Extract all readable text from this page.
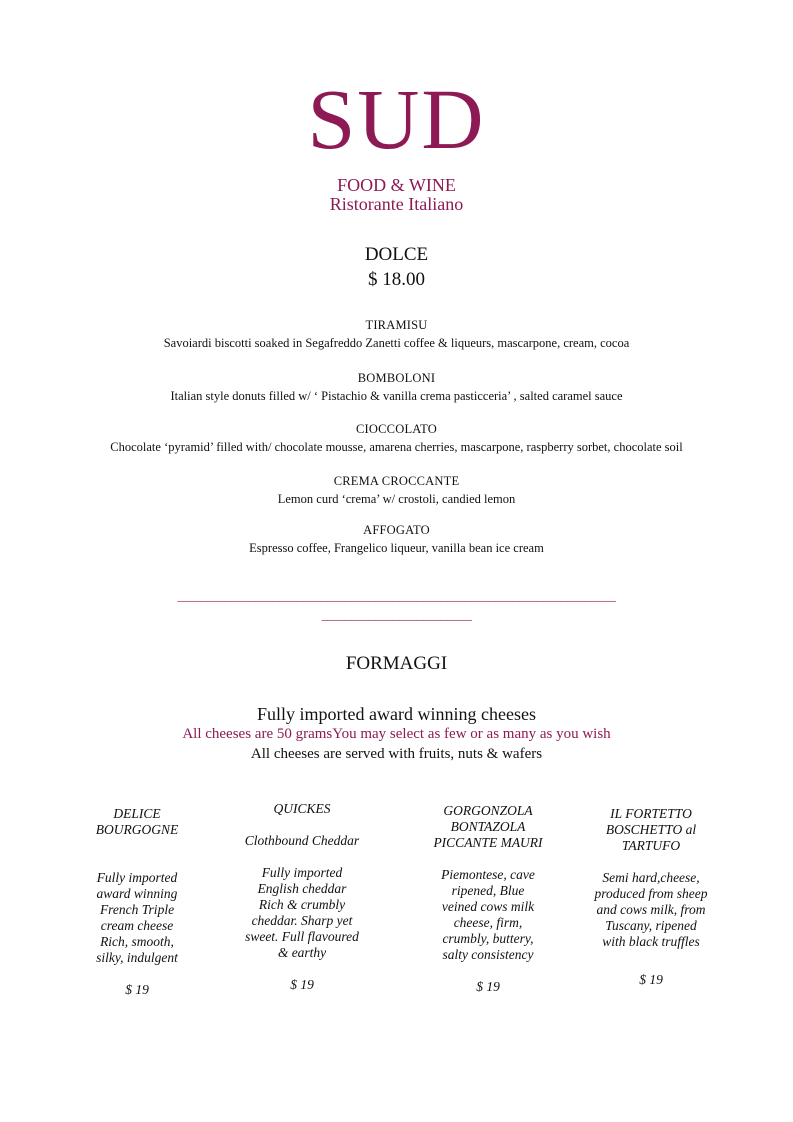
SUD
FOOD & WINE
Ristorante Italiano
DOLCE
$ 18.00
TIRAMISU
Savoiardi biscotti soaked in Segafreddo Zanetti coffee & liqueurs, mascarpone, cream, cocoa
BOMBOLONI
Italian style donuts filled w/ ‘ Pistachio & vanilla crema pasticceria’ , salted caramel sauce
CIOCCOLATO
Chocolate ‘pyramid’ filled with/ chocolate mousse, amarena cherries, mascarpone, raspberry sorbet, chocolate soil
CREMA CROCCANTE
Lemon curd ‘crema’ w/ crostoli, candied lemon
AFFOGATO
Espresso coffee, Frangelico liqueur, vanilla bean ice cream
_________________________________________________________________________
_________________________
FORMAGGI
Fully imported award winning cheeses
All cheeses are 50 gramsYou may select as few or as many as you wish
All cheeses are served with fruits, nuts & wafers
DELICE
BOURGOGNE
Fully imported
award winning
French Triple
cream cheese
Rich, smooth,
silky, indulgent
$ 19
QUICKES
Clothbound Cheddar
Fully imported
English cheddar
Rich & crumbly
cheddar. Sharp yet
sweet. Full flavoured
& earthy
$ 19
GORGONZOLA
BONTAZOLA
PICCANTE MAURI
Piemontese, cave
ripened, Blue
veined cows milk
cheese, firm,
crumbly, buttery,
salty consistency
$ 19
IL FORTETTO
BOSCHETTO al
TARTUFO
Semi hard,cheese,
produced from sheep
and cows milk, from
Tuscany, ripened
with black truffles
$ 19
